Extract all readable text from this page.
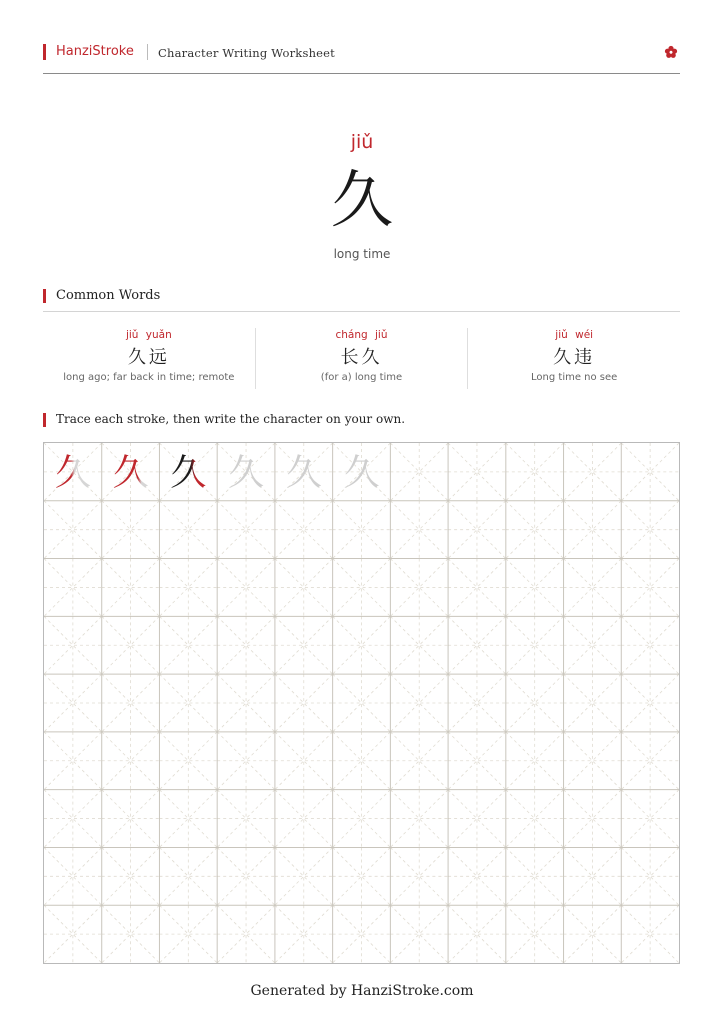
HanziStroke Character Writing Worksheet
jiǔ
久
long time
Common Words
jiǔ yuǎn
久远
long ago; far back in time; remote
cháng jiǔ
长久
(for a) long time
jiǔ wéi
久违
Long time no see
Trace each stroke, then write the character on your own.
久 久 久 久 久 久
Generated by HanziStroke.com
